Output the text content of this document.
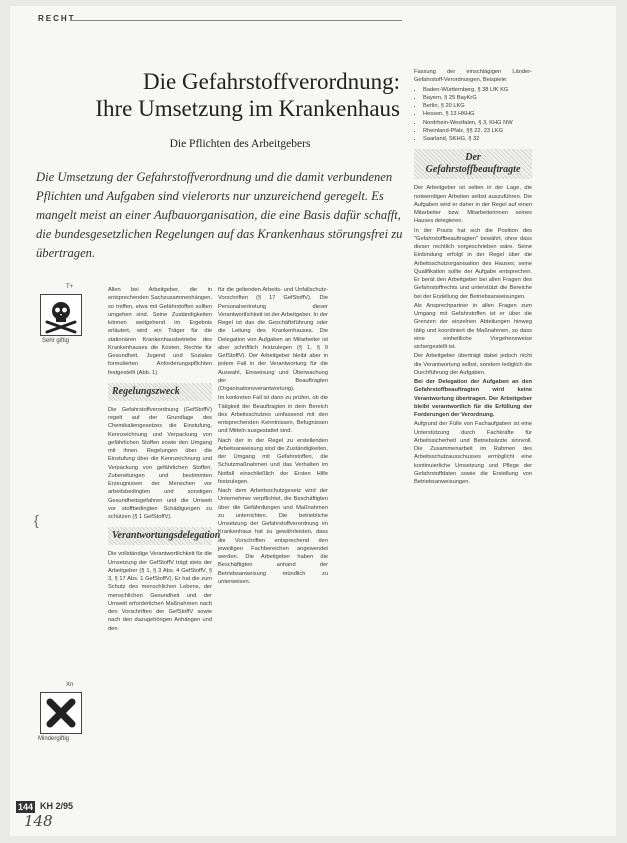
RECHT
Die Gefahrstoffverordnung:
Ihre Umsetzung im Krankenhaus
Die Pflichten des Arbeitgebers

Die Umsetzung der Gefahrstoffverordnung und die damit verbundenen Pflichten und Aufgaben sind vielerorts nur unzureichend geregelt. Es mangelt meist an einer Aufbauorganisation, die eine Basis dafür schafft, die bundesgesetzlichen Regelungen auf das Krankenhaus störungsfrei zu übertragen.

T+
Sehr giftig
Xn
Mindergiftig
{

Allen bei Arbeitgeber, die in entsprechenden Sachzusammenhängen, so treffen, etwa mit Gefahrstoffen sollten umgehen sind. Seine Zuständigkeiten können weitgehend im Ergebnis erläutert, wird ein Träger für die stationären Krankenhausbetriebe des Krankenhauses die Kosten, Rechte für Gesundheit, Jugend und Soziales formulierten Anforderungspflichten festgestellt (Abb. 1).

Regelungszweck

Die Gefahrstoffverordnung (GefStoffV) regelt auf der Grundlage des Chemikaliengesetzes die Einstufung, Kennzeichnung und Verpackung von gefährlichen Stoffen sowie den Umgang mit ihnen. Regelungen über die Einstufung über die Kennzeichnung und Verpackung von gefährlichen Stoffen, Zubereitungen und bestimmten Erzeugnissen der Menschen vor arbeitsbedingten und sonstigen Gesundheitsgefahren und die Umwelt vor stoffbedingten Schädigungen zu schützen (§ 1 GefStoffV).

Verantwortungsdelegation

Die vollständige Verantwortlichkeit für die Umsetzung der GefStoffV trägt stets der Arbeitgeber (§ 1, § 3 Abs. 4 GefStoffV, § 3, § 17 Abs. 1 GefStoffV). Er hat die zum Schutz des menschlichen Lebens, der menschlichen Gesundheit und der Umwelt erforderlichen Maßnahmen nach den Vorschriften der GefStoffV sowie nach den dazugehörigen Anhängen und den

für die geltenden Arbeits- und Unfallschutz-Vorschriften (§ 17 GefStoffV). Die Personalvertretung dieser Verantwortlichkeit ist der Arbeitgeber. In der Regel ist das die Geschäftsführung oder die Leitung des Krankenhauses. Die Delegation von Aufgaben an Mitarbeiter ist aber schriftlich festzulegen (§ 1, § 9 GefStoffV). Der Arbeitgeber bleibt aber in jedem Fall in der Verantwortung für die Auswahl, Einweisung und Überwachung der Beauftragten (Organisationsverantwortung).

Im konkreten Fall ist dann zu prüfen, ob die Tätigkeit der Beauftragten in dem Bereich des Arbeitsschutzes umfassend mit den entsprechenden Kenntnissen, Befugnissen und Mitteln ausgestattet sind.

Nach der in der Regel zu erstellenden Arbeitsanweisung sind die Zuständigkeiten, der Umgang mit Gefahrstoffen, die Schutzmaßnahmen und das Verhalten im Notfall einschließlich der Ersten Hilfe festzulegen.

Nach dem Arbeitsschutzgesetz wird der Unternehmer verpflichtet, die Beschäftigten über die Gefährdungen und Maßnahmen zu unterrichten. Die betriebliche Umsetzung der Gefahrstoffverordnung im Krankenhaus hat zu gewährleisten, dass die Vorschriften entsprechend den jeweiligen Fachbereichen angewendet werden. Die Arbeitgeber haben die Beschäftigten anhand der Betriebsanweisung mündlich zu unterweisen.

Fassung der einschlägigen Länder-Gefahrstoff-Verordnungen, Beispiele:

• Baden-Württemberg, § 38 LfK KG
• Bayern, § 25 BayKrG
• Berlin, § 20 LKG
• Hessen, § 13 HKHG
• Nordrhein-Westfalen, § 3, KHG NW
• Rheinland-Pfalz, §§ 22, 23 LKG
• Saarland, SKHG, § 32
Der Gefahrstoffbeauftragte

Der Arbeitgeber ist selten in der Lage, die notwendigen Arbeiten selbst auszuführen. Die Aufgaben wird er daher in der Regel auf einen Mitarbeiter bzw. Mitarbeiterinnen seines Hauses delegieren.

In der Praxis hat sich die Position des "Gefahrstoffbeauftragten" bewährt, ohne dass dieser rechtlich vorgeschrieben wäre. Seine Einbindung erfolgt in der Regel über die Arbeitsschutzorganisation des Hauses; seine Qualifikation sollte der Aufgabe entsprechen. Er berät den Arbeitgeber bei allen Fragen des Gefahrstoffrechts und unterstützt die Bereiche bei der Erstellung der Betriebsanweisungen.

Als Ansprechpartner in allen Fragen zum Umgang mit Gefahrstoffen ist er über die Grenzen der einzelnen Abteilungen hinweg tätig und koordiniert die Maßnahmen, so dass eine einheitliche Vorgehensweise sichergestellt ist.

Der Arbeitgeber überträgt dabei jedoch nicht die Verantwortung selbst, sondern lediglich die Durchführung der Aufgaben.

Bei der Delegation der Aufgaben an den Gefahrstoffbeauftragten wird keine Verantwortung übertragen. Der Arbeitgeber bleibt verantwortlich für die Erfüllung der Forderungen der Verordnung.

Aufgrund der Fülle von Fachaufgaben ist eine Unterstützung durch Fachkräfte für Arbeitssicherheit und Betriebsärzte sinnvoll. Die Zusammenarbeit im Rahmen des Arbeitsschutzausschusses ermöglicht eine kontinuierliche Umsetzung und Pflege der Gefahrstoffdaten sowie die Erstellung von Betriebsanweisungen.

144 KH 2/95
148
